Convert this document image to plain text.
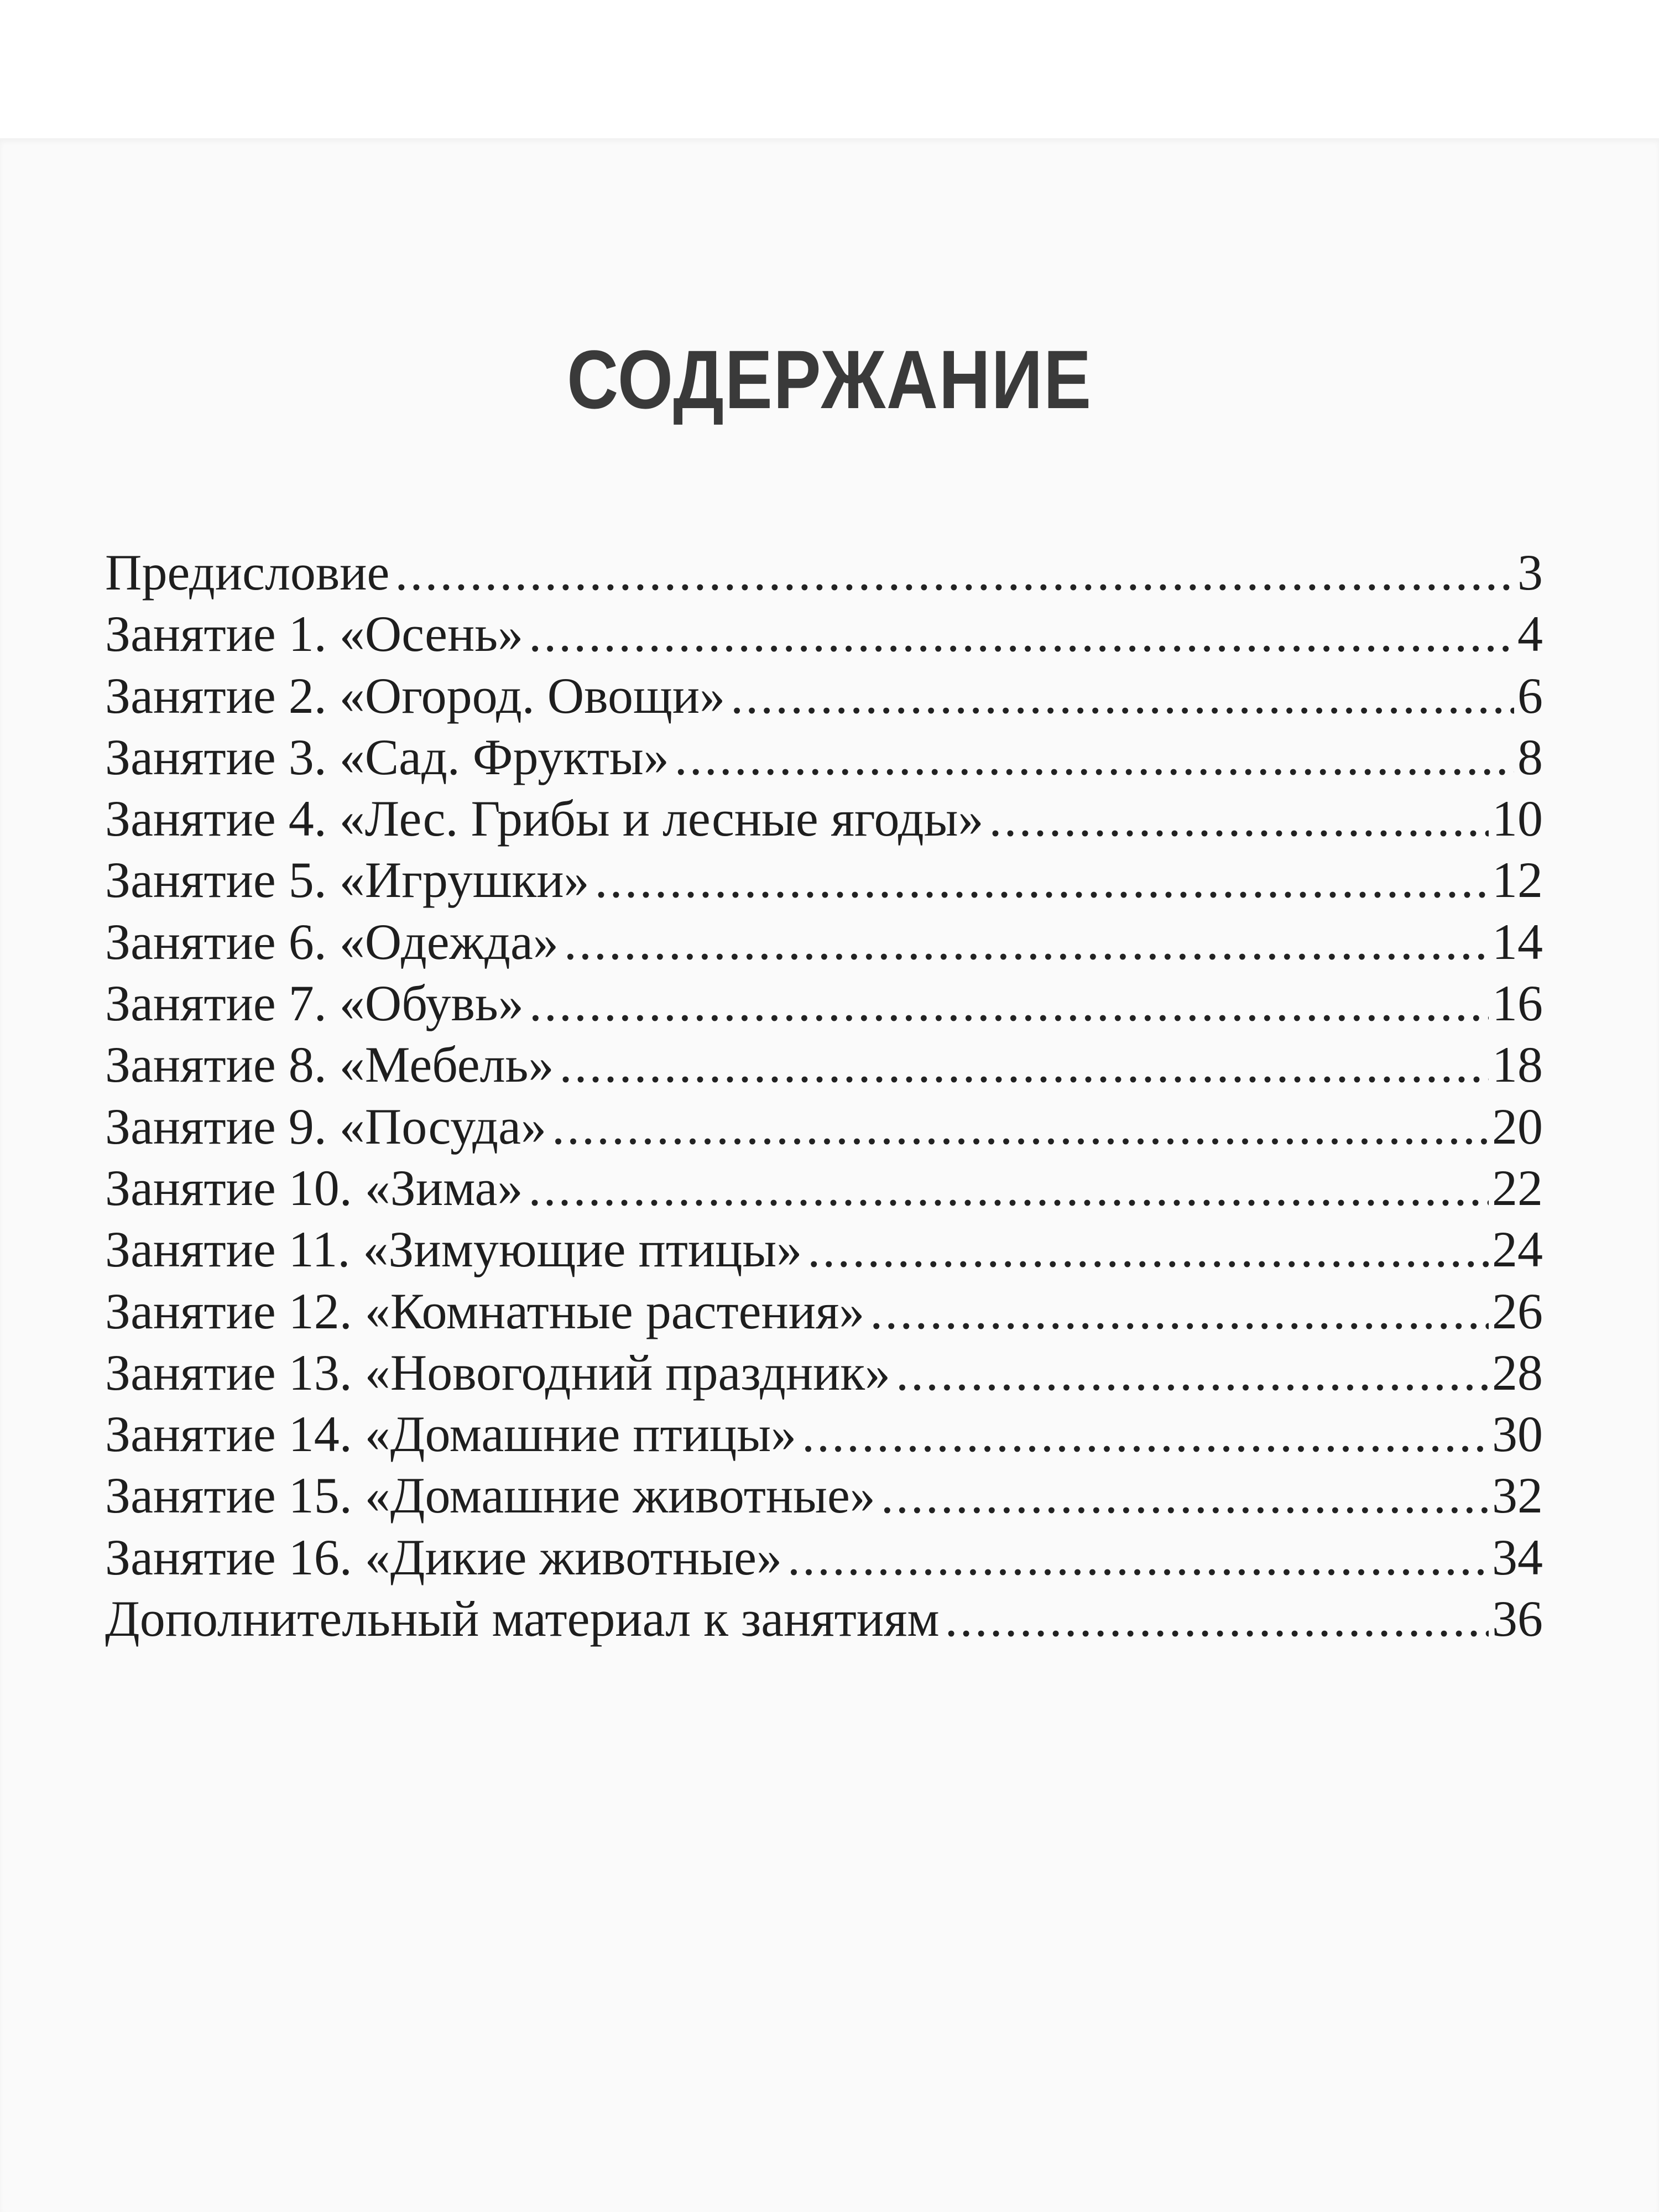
СОДЕРЖАНИЕ
Предисловие .....	3
Занятие 1. «Осень» .....	4
Занятие 2. «Огород. Овощи» .....	6
Занятие 3. «Сад. Фрукты» .....	8
Занятие 4. «Лес. Грибы и лесные ягоды» .....	10
Занятие 5. «Игрушки» .....	12
Занятие 6. «Одежда» .....	14
Занятие 7. «Обувь» .....	16
Занятие 8. «Мебель» .....	18
Занятие 9. «Посуда» .....	20
Занятие 10. «Зима» .....	22
Занятие 11. «Зимующие птицы» .....	24
Занятие 12. «Комнатные растения» .....	26
Занятие 13. «Новогодний праздник» .....	28
Занятие 14. «Домашние птицы» .....	30
Занятие 15. «Домашние животные» .....	32
Занятие 16. «Дикие животные» .....	34
Дополнительный материал к занятиям .....	36
